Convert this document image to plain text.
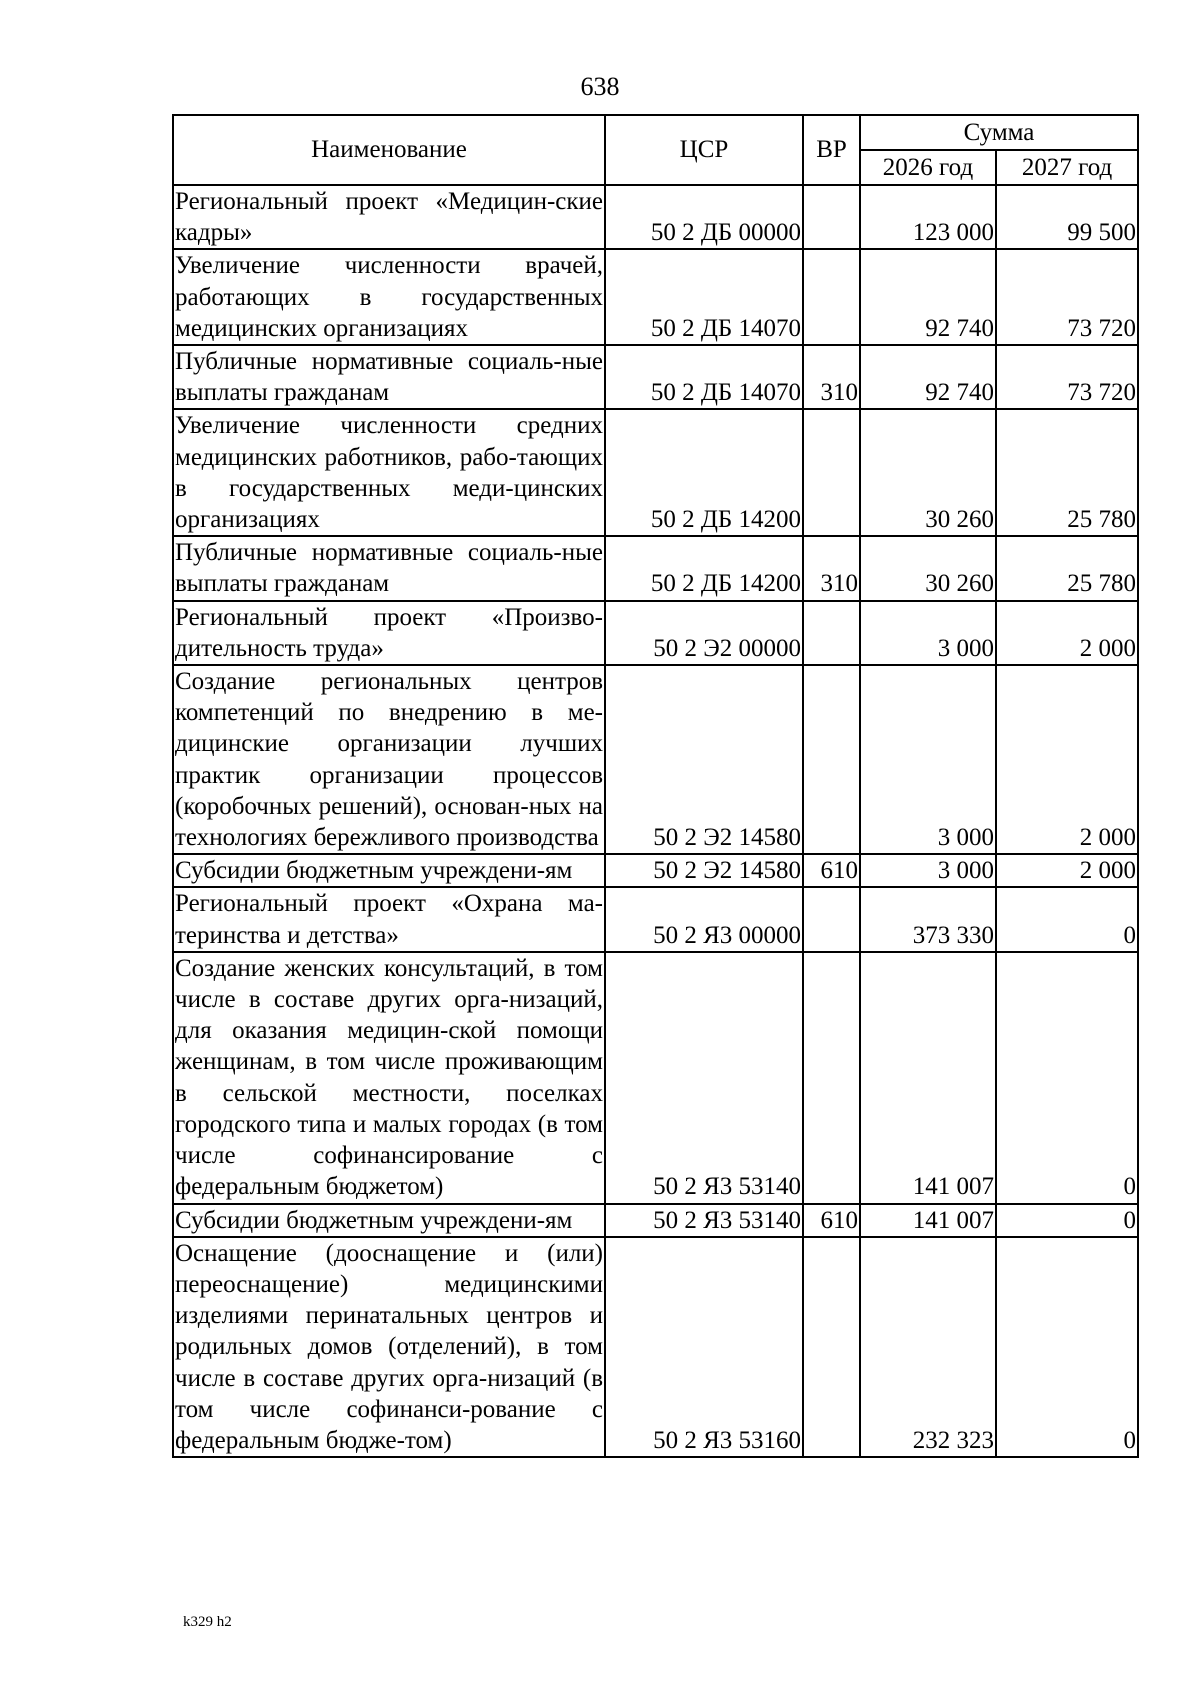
638
Наименование	ЦСР	ВР	Сумма	
			2026 год	2027 год
Региональный проект «Медицин-ские кадры»	50 2 ДБ 00000		123 000	99 500
Увеличение численности врачей, работающих в государственных медицинских организациях	50 2 ДБ 14070		92 740	73 720
Публичные нормативные социаль-ные выплаты гражданам	50 2 ДБ 14070	310	92 740	73 720
Увеличение численности средних медицинских работников, рабо-тающих в государственных меди-цинских организациях	50 2 ДБ 14200		30 260	25 780
Публичные нормативные социаль-ные выплаты гражданам	50 2 ДБ 14200	310	30 260	25 780
Региональный проект «Произво-дительность труда»	50 2 Э2 00000		3 000	2 000
Создание региональных центров компетенций по внедрению в ме-дицинские организации лучших практик организации процессов (коробочных решений), основан-ных на технологиях бережливого производства	50 2 Э2 14580		3 000	2 000
Субсидии бюджетным учреждени-ям	50 2 Э2 14580	610	3 000	2 000
Региональный проект «Охрана ма-теринства и детства»	50 2 Я3 00000		373 330	0
Создание женских консультаций, в том числе в составе других орга-низаций, для оказания медицин-ской помощи женщинам, в том числе проживающим в сельской местности, поселках городского типа и малых городах (в том числе софинансирование с федеральным бюджетом)	50 2 Я3 53140		141 007	0
Субсидии бюджетным учреждени-ям	50 2 Я3 53140	610	141 007	0
Оснащение (дооснащение и (или) переоснащение) медицинскими изделиями перинатальных центров и родильных домов (отделений), в том числе в составе других орга-низаций (в том числе софинанси-рование с федеральным бюдже-том)	50 2 Я3 53160		232 323	0
k329 h2
